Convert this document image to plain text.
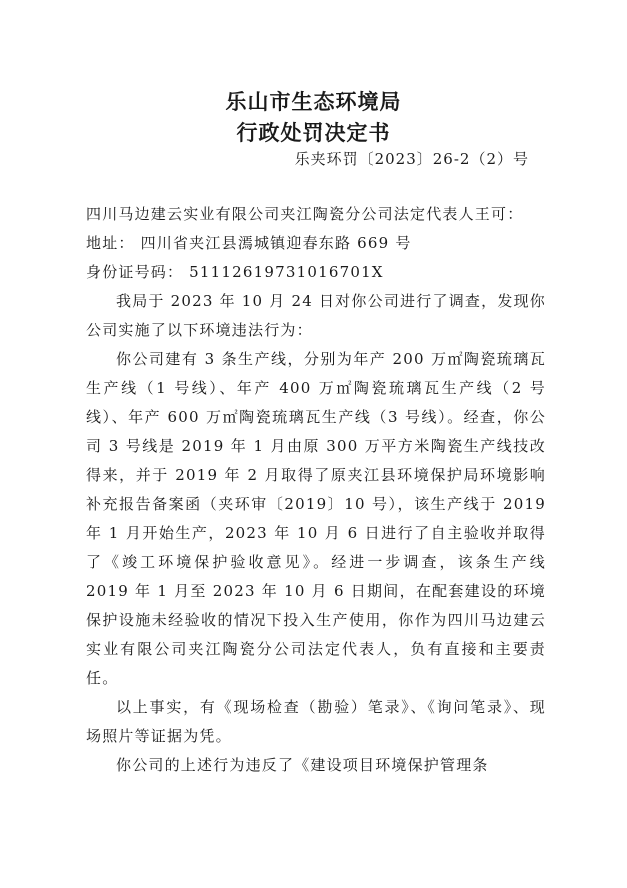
乐山市生态环境局
行政处罚决定书
乐夹环罚〔2023〕26-2（2）号

四川马边建云实业有限公司夹江陶瓷分公司法定代表人王可：

地址： 四川省夹江县漹城镇迎春东路 669 号

身份证号码： 51112619731016701X

我局于 2023 年 10 月 24 日对你公司进行了调查，发现你公司实施了以下环境违法行为：

你公司建有 3 条生产线，分别为年产 200 万㎡陶瓷琉璃瓦生产线（1 号线）、年产 400 万㎡陶瓷琉璃瓦生产线（2 号线）、年产 600 万㎡陶瓷琉璃瓦生产线（3 号线）。经查，你公司 3 号线是 2019 年 1 月由原 300 万平方米陶瓷生产线技改得来，并于 2019 年 2 月取得了原夹江县环境保护局环境影响补充报告备案函（夹环审〔2019〕10 号），该生产线于 2019 年 1 月开始生产，2023 年 10 月 6 日进行了自主验收并取得了《竣工环境保护验收意见》。经进一步调查，该条生产线 2019 年 1 月至 2023 年 10 月 6 日期间，在配套建设的环境保护设施未经验收的情况下投入生产使用，你作为四川马边建云实业有限公司夹江陶瓷分公司法定代表人，负有直接和主要责任。

以上事实，有《现场检查（勘验）笔录》、《询问笔录》、现场照片等证据为凭。

你公司的上述行为违反了《建设项目环境保护管理条
